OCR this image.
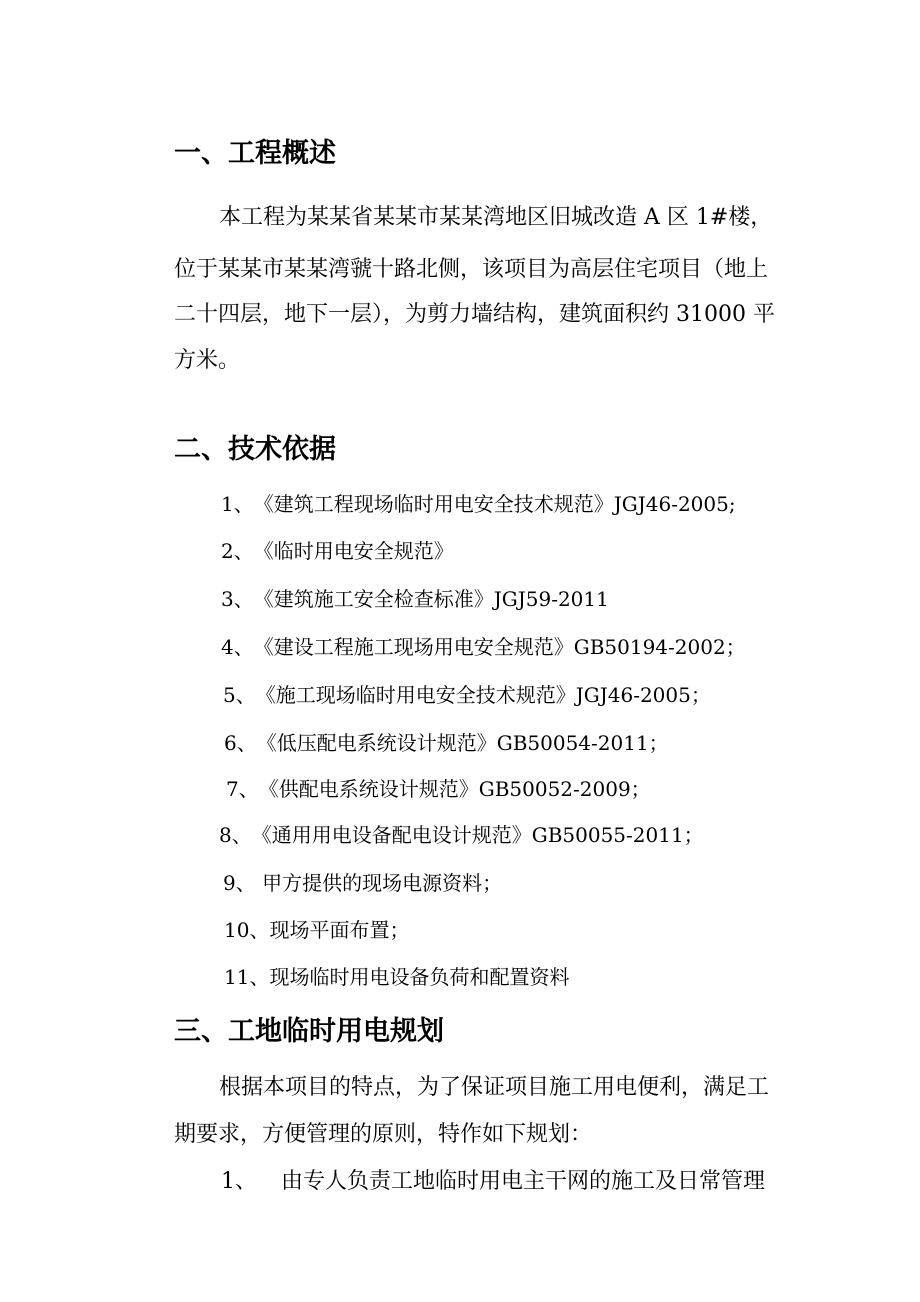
一、工程概述
本工程为某某省某某市某某湾地区旧城改造 A 区 1#楼，
位于某某市某某湾虢十路北侧，该项目为高层住宅项目（地上
二十四层，地下一层），为剪力墙结构，建筑面积约 31000 平
方米。
二、技术依据
1、《建筑工程现场临时用电安全技术规范》JGJ46-2005;
2、《临时用电安全规范》
3、《建筑施工安全检查标准》JGJ59-2011
4、《建设工程施工现场用电安全规范》GB50194-2002；
5、《施工现场临时用电安全技术规范》JGJ46-2005；
6、《低压配电系统设计规范》GB50054-2011；
7、《供配电系统设计规范》GB50052-2009；
8、《通用用电设备配电设计规范》GB50055-2011；
9、 甲方提供的现场电源资料；
10、现场平面布置；
11、现场临时用电设备负荷和配置资料
三、工地临时用电规划
根据本项目的特点，为了保证项目施工用电便利，满足工
期要求，方便管理的原则，特作如下规划：
1、 由专人负责工地临时用电主干网的施工及日常管理
